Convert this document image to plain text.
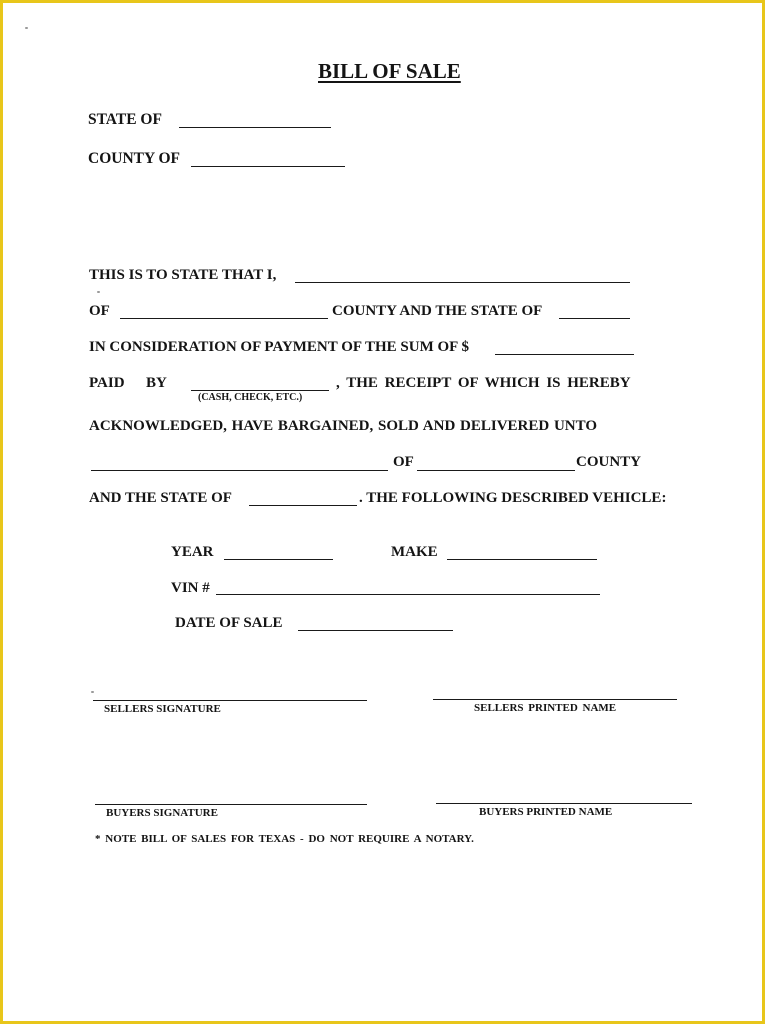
BILL OF SALE
STATE OF
COUNTY OF
THIS IS TO STATE THAT I,
OF	COUNTY AND THE STATE OF
IN CONSIDERATION OF PAYMENT OF THE SUM OF $
PAID BY
(CASH, CHECK, ETC.)
, THE RECEIPT OF WHICH IS HEREBY
ACKNOWLEDGED, HAVE BARGAINED, SOLD AND DELIVERED UNTO
OF	COUNTY
AND THE STATE OF	. THE FOLLOWING DESCRIBED VEHICLE:
YEAR	MAKE
VIN #
DATE OF SALE
SELLERS SIGNATURE	SELLERS PRINTED NAME
BUYERS SIGNATURE	BUYERS PRINTED NAME
* NOTE BILL OF SALES FOR TEXAS - DO NOT REQUIRE A NOTARY.
